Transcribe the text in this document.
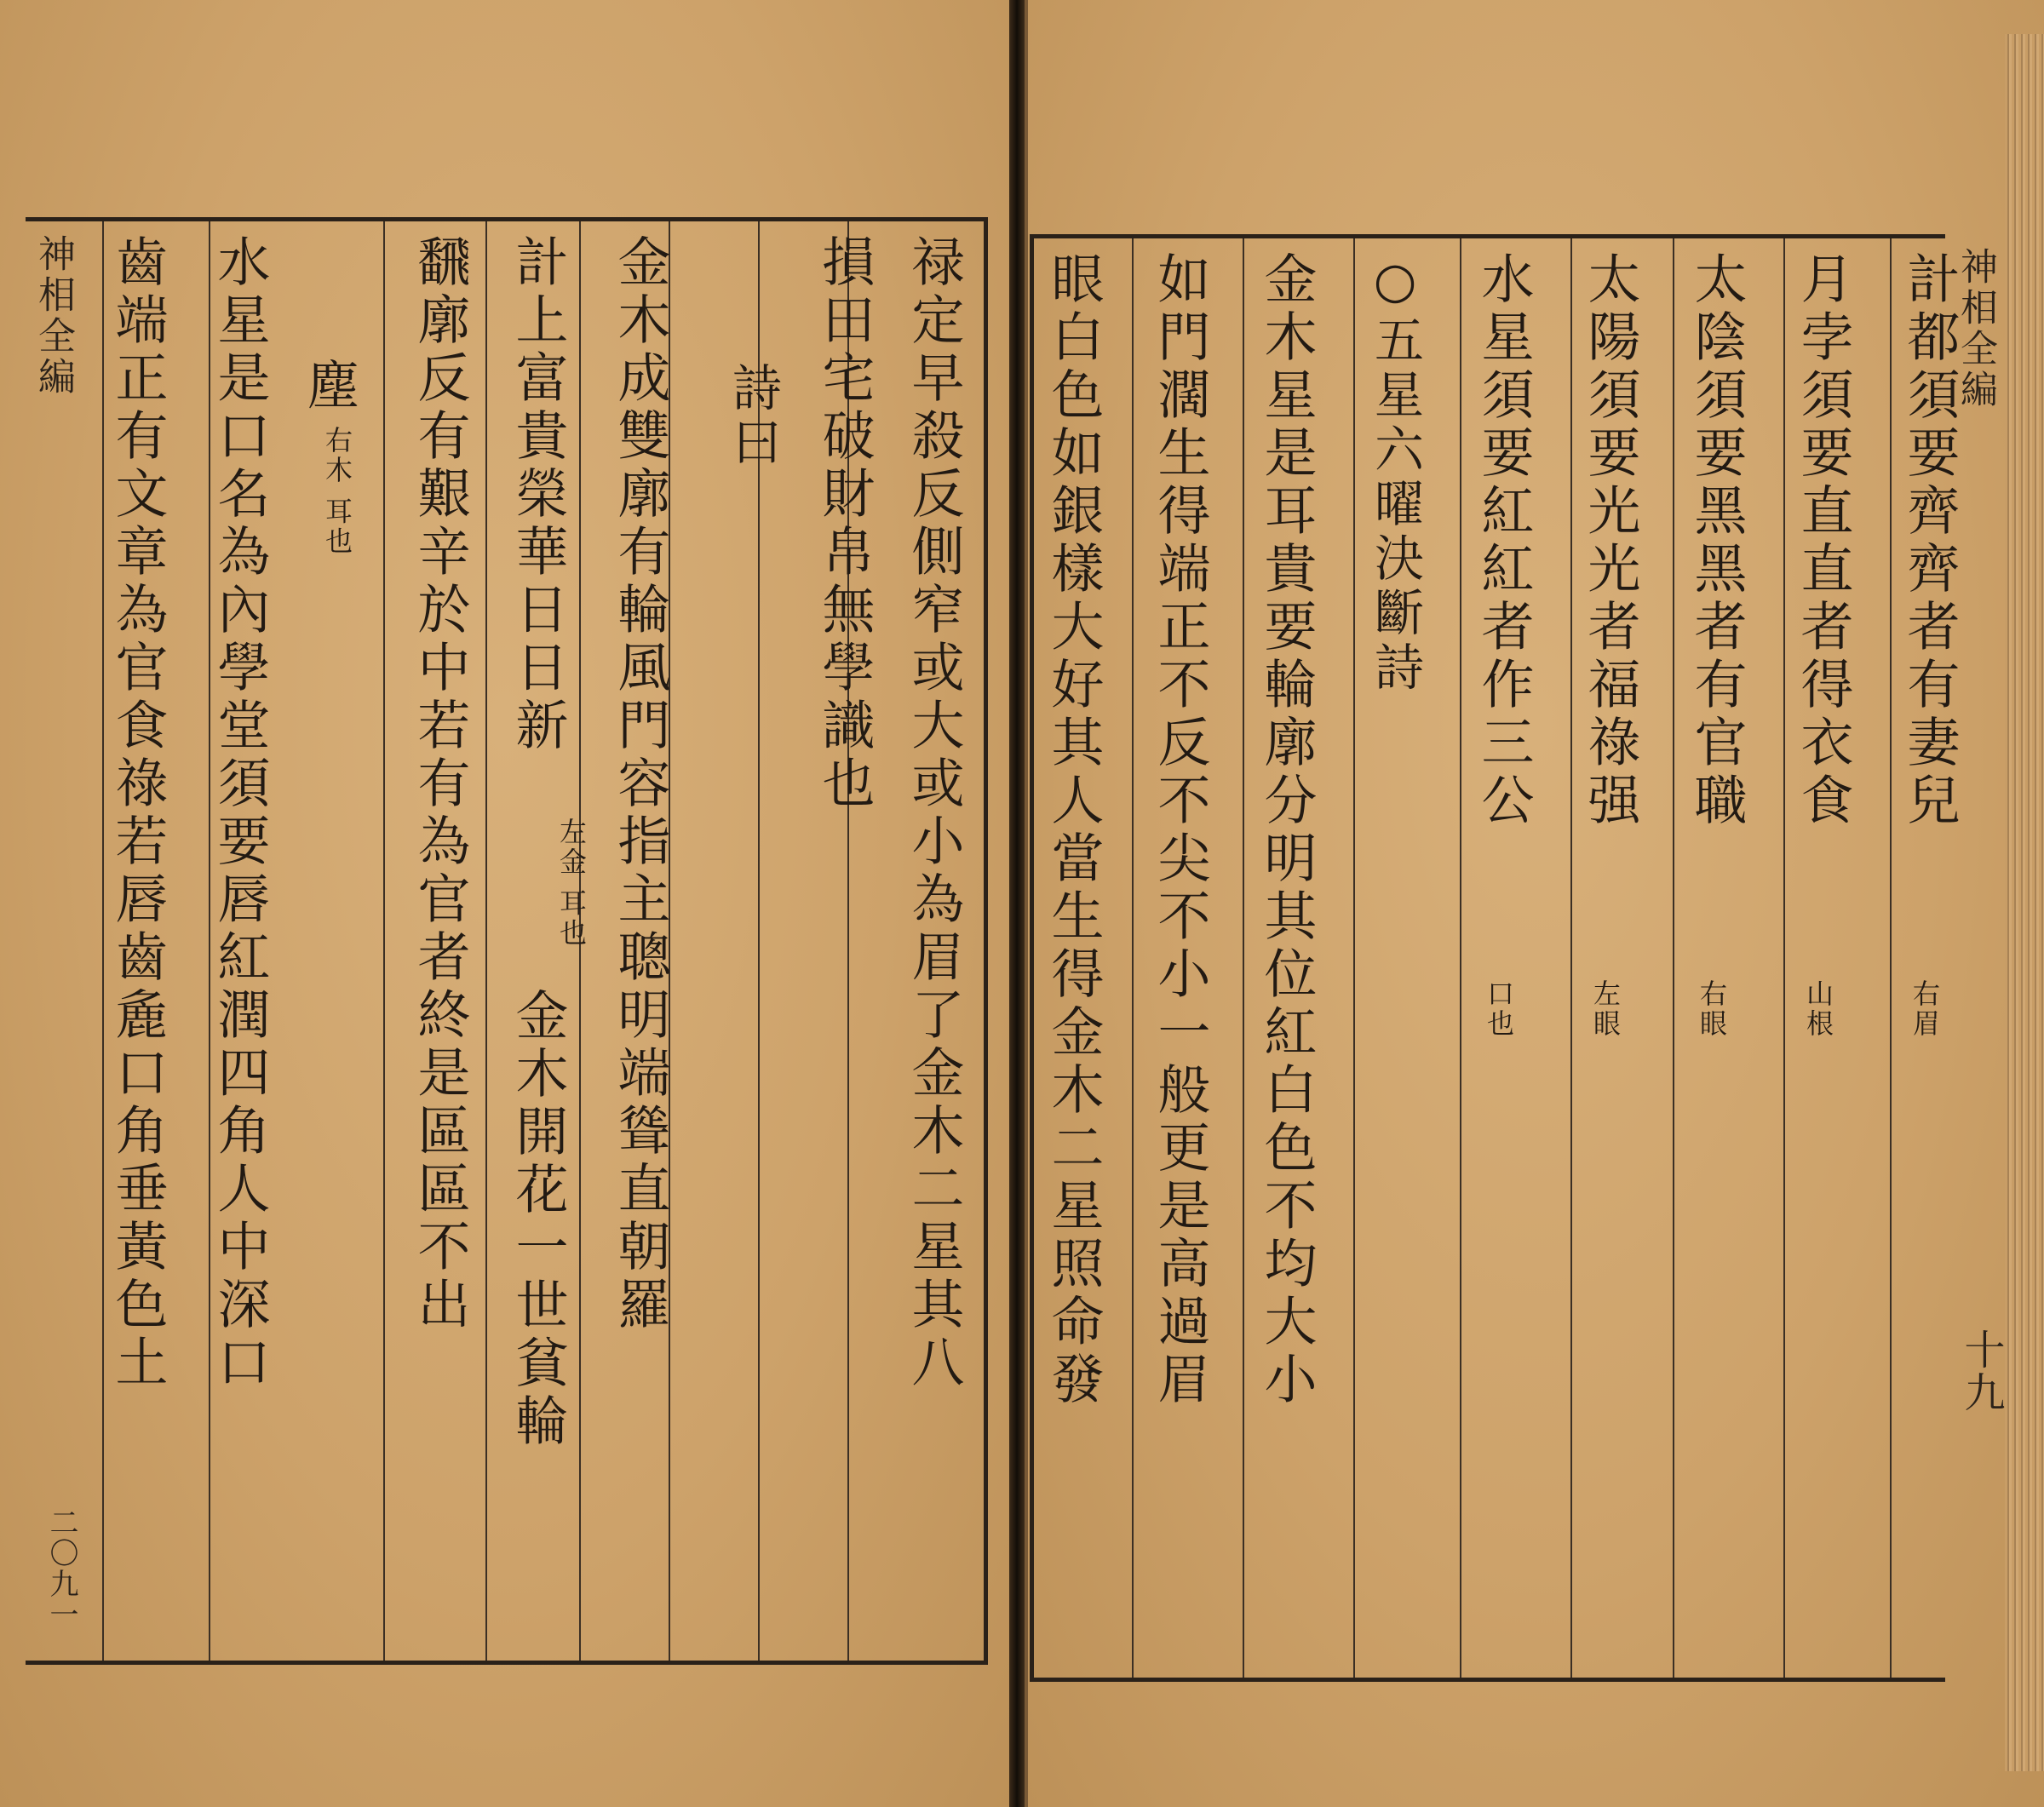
禄定早殺反側窄或大或小為眉了金木二星其八
損田宅破財帛無學識也
詩曰
金木成雙廓有輪風門容指主聰明端聳直朝羅
計上富貴榮華日日新
左金 耳也
金木開花一世貧輪
飜廓反有艱辛於中若有為官者終是區區不出
塵
右木 耳也
水星是口名為內學堂須要唇紅潤四角人中深口
齒端正有文章為官食祿若唇齒麁口角垂黃色土
神相全編
二〇九一
計都須要齊齊者有妻兒
右眉
月孛須要直直者得衣食
山根
太陰須要黑黑者有官職
右眼
太陽須要光光者福祿强
左眼
水星須要紅紅者作三公
口也
○五星六曜決斷詩
金木星是耳貴要輪廓分明其位紅白色不均大小
如門濶生得端正不反不尖不小一般更是高過眉
眼白色如銀樣大好其人當生得金木二星照命發	神相全編
十九
